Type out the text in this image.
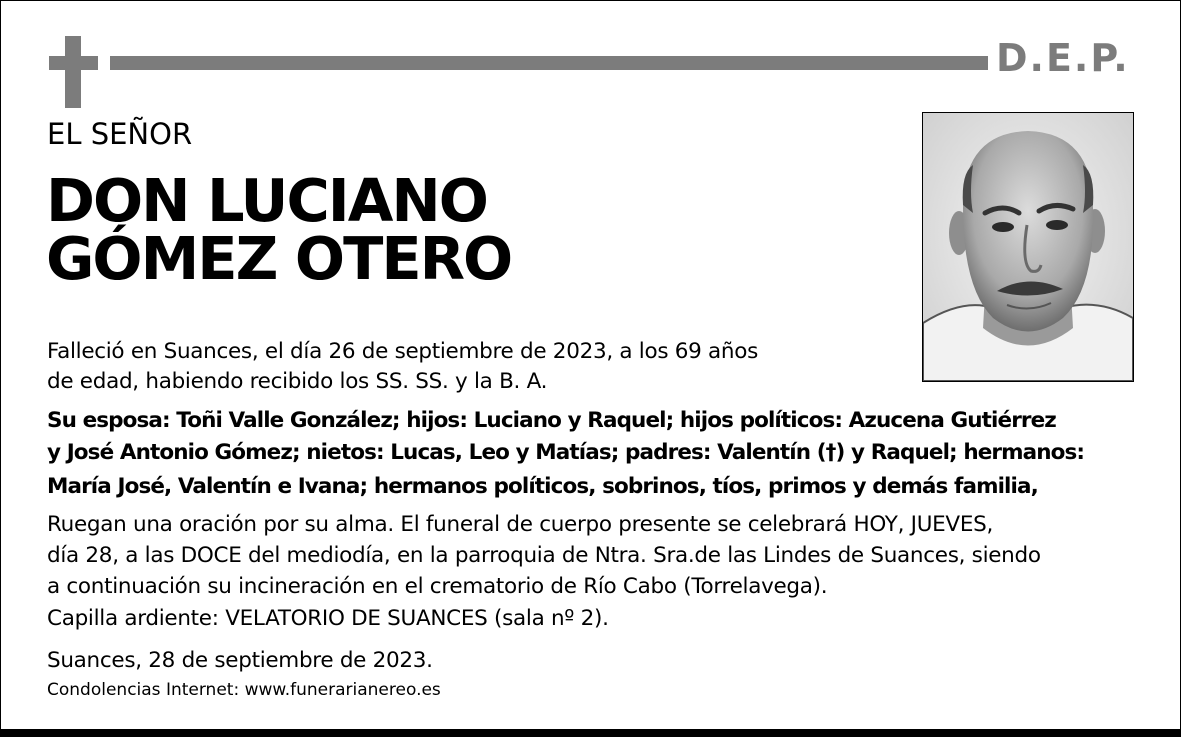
D.E.P.
EL SEÑOR
DON LUCIANO
GÓMEZ OTERO
Falleció en Suances, el día 26 de septiembre de 2023, a los 69 años
de edad, habiendo recibido los SS. SS. y la B. A.
Su esposa: Toñi Valle González; hijos: Luciano y Raquel; hijos políticos: Azucena Gutiérrez
y José Antonio Gómez; nietos: Lucas, Leo y Matías; padres: Valentín (†) y Raquel; hermanos:
María José, Valentín e Ivana; hermanos políticos, sobrinos, tíos, primos y demás familia,
Ruegan una oración por su alma. El funeral de cuerpo presente se celebrará HOY, JUEVES,
día 28, a las DOCE del mediodía, en la parroquia de Ntra. Sra.de las Lindes de Suances, siendo
a continuación su incineración en el crematorio de Río Cabo (Torrelavega).
Capilla ardiente: VELATORIO DE SUANCES (sala nº 2).
Suances, 28 de septiembre de 2023.
Condolencias Internet: www.funerarianereo.es
